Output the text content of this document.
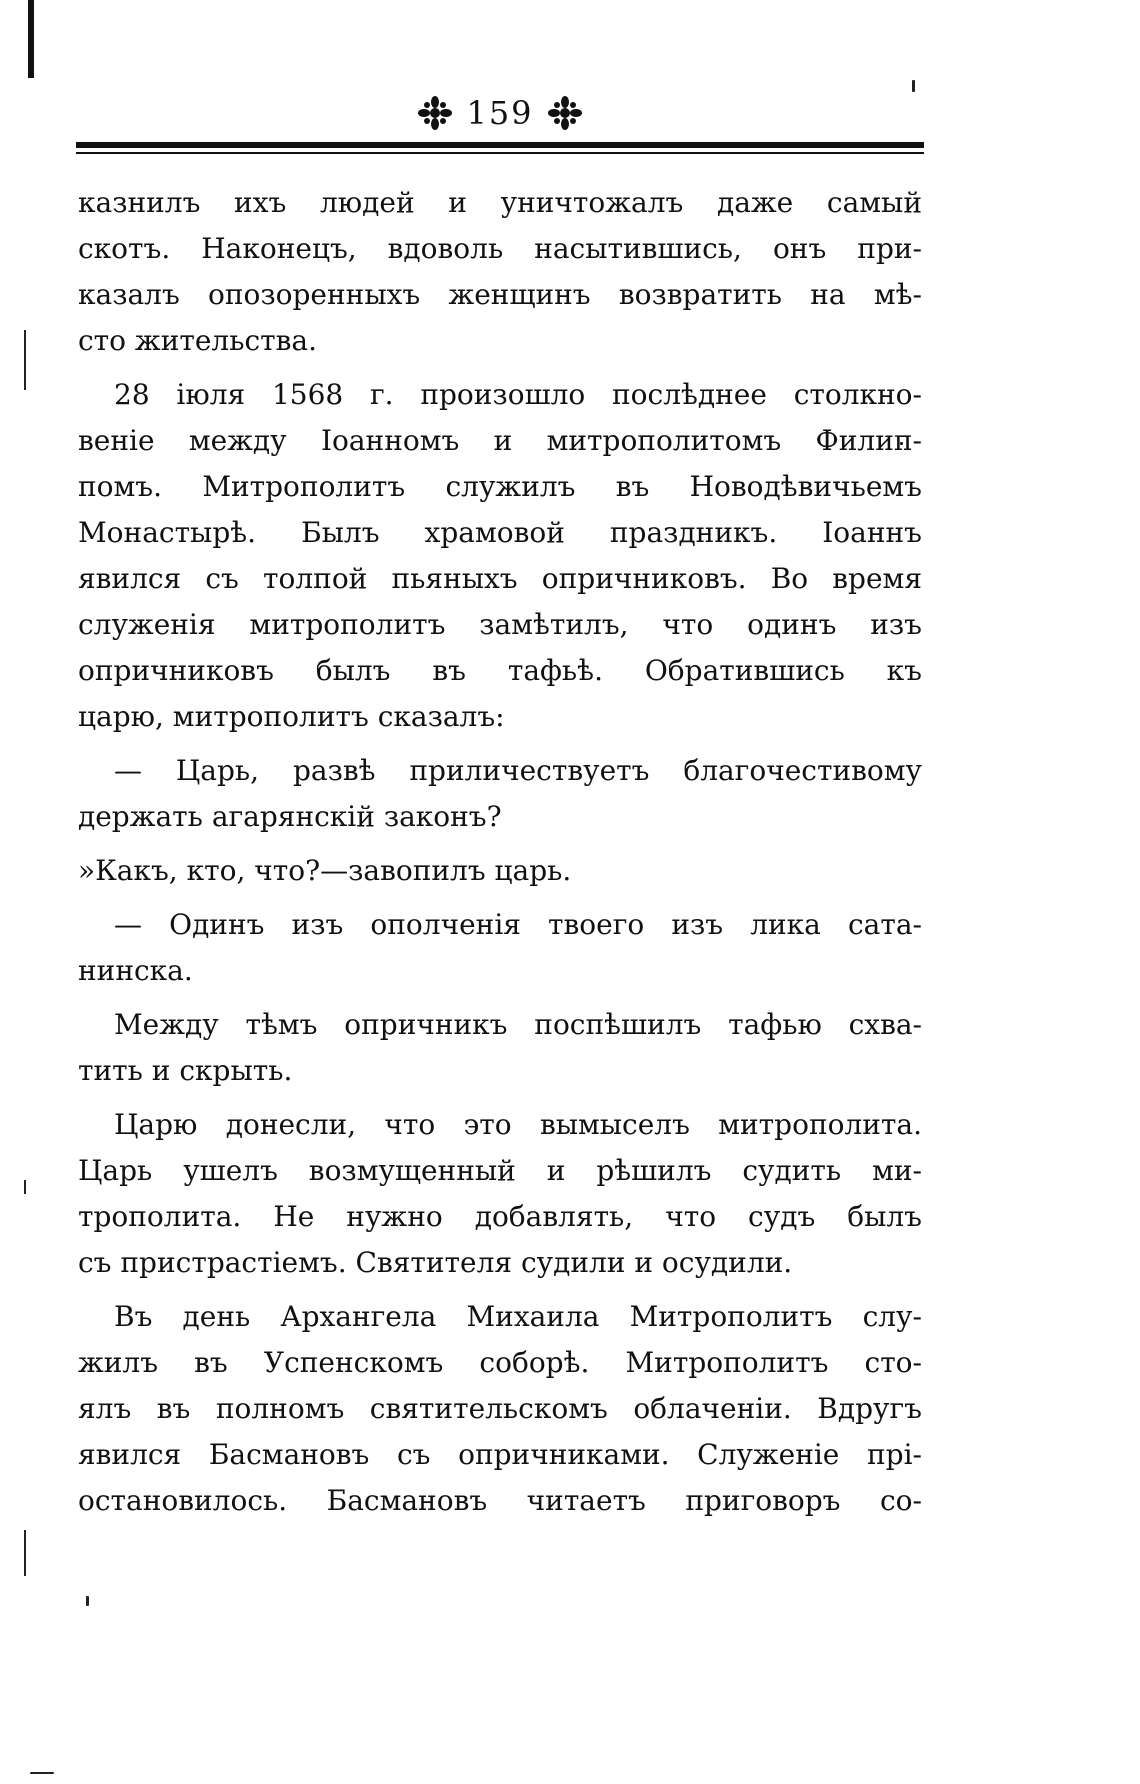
159
казнилъ ихъ людей и уничтожалъ даже самый
скотъ. Наконецъ, вдоволь насытившись, онъ при-
казалъ опозоренныхъ женщинъ возвратить на мѣ-
сто жительства.
28 іюля 1568 г. произошло послѣднее столкно-
веніе между Іоанномъ и митрополитомъ Филип-
помъ. Митрополитъ служилъ въ Новодѣвичьемъ
Монастырѣ. Былъ храмовой праздникъ. Іоаннъ
явился съ толпой пьяныхъ опричниковъ. Во время
служенія митрополитъ замѣтилъ, что одинъ изъ
опричниковъ былъ въ тафьѣ. Обратившись къ
царю, митрополитъ сказалъ:
— Царь, развѣ приличествуетъ благочестивому
держать агарянскій законъ?
»Какъ, кто, что?—завопилъ царь.
— Одинъ изъ ополченія твоего изъ лика сата-
нинска.
Между тѣмъ опричникъ поспѣшилъ тафью схва-
тить и скрыть.
Царю донесли, что это вымыселъ митрополита.
Царь ушелъ возмущенный и рѣшилъ судить ми-
трополита. Не нужно добавлять, что судъ былъ
съ пристрастіемъ. Святителя судили и осудили.
Въ день Архангела Михаила Митрополитъ слу-
жилъ въ Успенскомъ соборѣ. Митрополитъ сто-
ялъ въ полномъ святительскомъ облаченіи. Вдругъ
явился Басмановъ съ опричниками. Служеніе прі-
остановилось. Басмановъ читаетъ приговоръ со-
